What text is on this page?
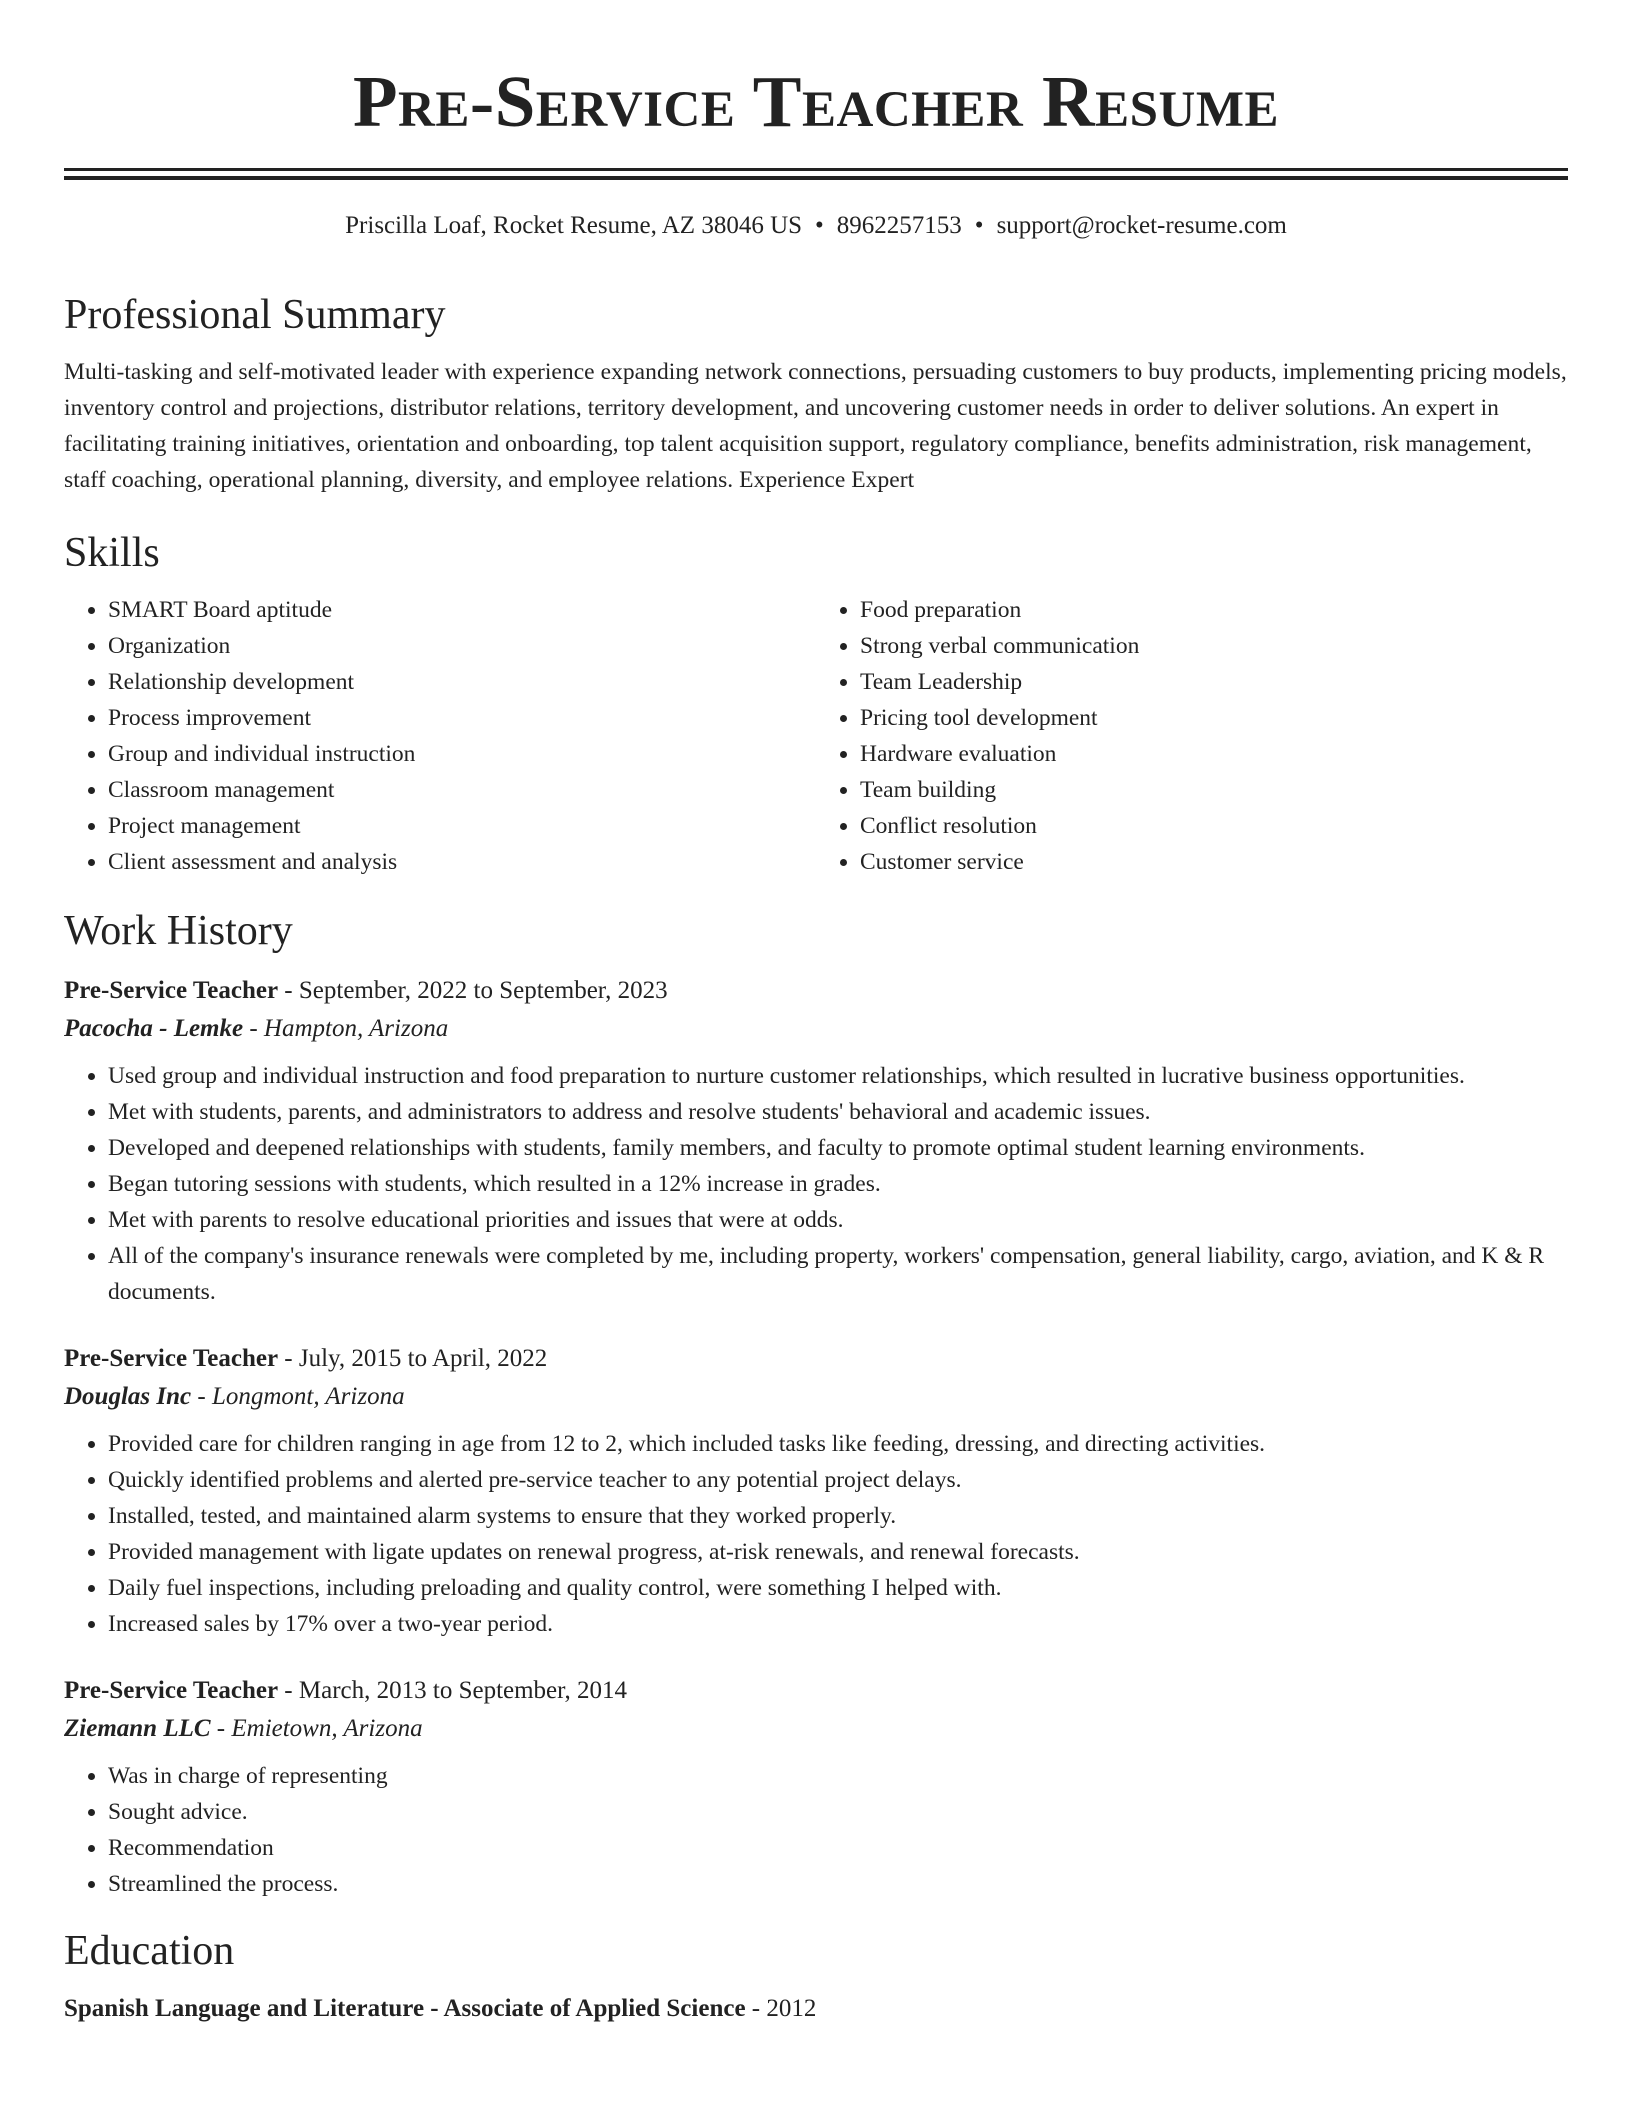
Pre-Service Teacher Resume
Priscilla Loaf, Rocket Resume, AZ 38046 US • 8962257153 • support@rocket-resume.com
Professional Summary
Multi-tasking and self-motivated leader with experience expanding network connections, persuading customers to buy products, implementing pricing models, inventory control and projections, distributor relations, territory development, and uncovering customer needs in order to deliver solutions. An expert in facilitating training initiatives, orientation and onboarding, top talent acquisition support, regulatory compliance, benefits administration, risk management, staff coaching, operational planning, diversity, and employee relations. Experience Expert
Skills
• SMART Board aptitude
• Organization
• Relationship development
• Process improvement
• Group and individual instruction
• Classroom management
• Project management
• Client assessment and analysis
• Food preparation
• Strong verbal communication
• Team Leadership
• Pricing tool development
• Hardware evaluation
• Team building
• Conflict resolution
• Customer service
Work History
Pre-Service Teacher - September, 2022 to September, 2023
Pacocha - Lemke - Hampton, Arizona
• Used group and individual instruction and food preparation to nurture customer relationships, which resulted in lucrative business opportunities.
• Met with students, parents, and administrators to address and resolve students' behavioral and academic issues.
• Developed and deepened relationships with students, family members, and faculty to promote optimal student learning environments.
• Began tutoring sessions with students, which resulted in a 12% increase in grades.
• Met with parents to resolve educational priorities and issues that were at odds.
• All of the company's insurance renewals were completed by me, including property, workers' compensation, general liability, cargo, aviation, and K & R documents.
Pre-Service Teacher - July, 2015 to April, 2022
Douglas Inc - Longmont, Arizona
• Provided care for children ranging in age from 12 to 2, which included tasks like feeding, dressing, and directing activities.
• Quickly identified problems and alerted pre-service teacher to any potential project delays.
• Installed, tested, and maintained alarm systems to ensure that they worked properly.
• Provided management with ligate updates on renewal progress, at-risk renewals, and renewal forecasts.
• Daily fuel inspections, including preloading and quality control, were something I helped with.
• Increased sales by 17% over a two-year period.
Pre-Service Teacher - March, 2013 to September, 2014
Ziemann LLC - Emietown, Arizona
• Was in charge of representing
• Sought advice.
• Recommendation
• Streamlined the process.
Education
Spanish Language and Literature - Associate of Applied Science - 2012
